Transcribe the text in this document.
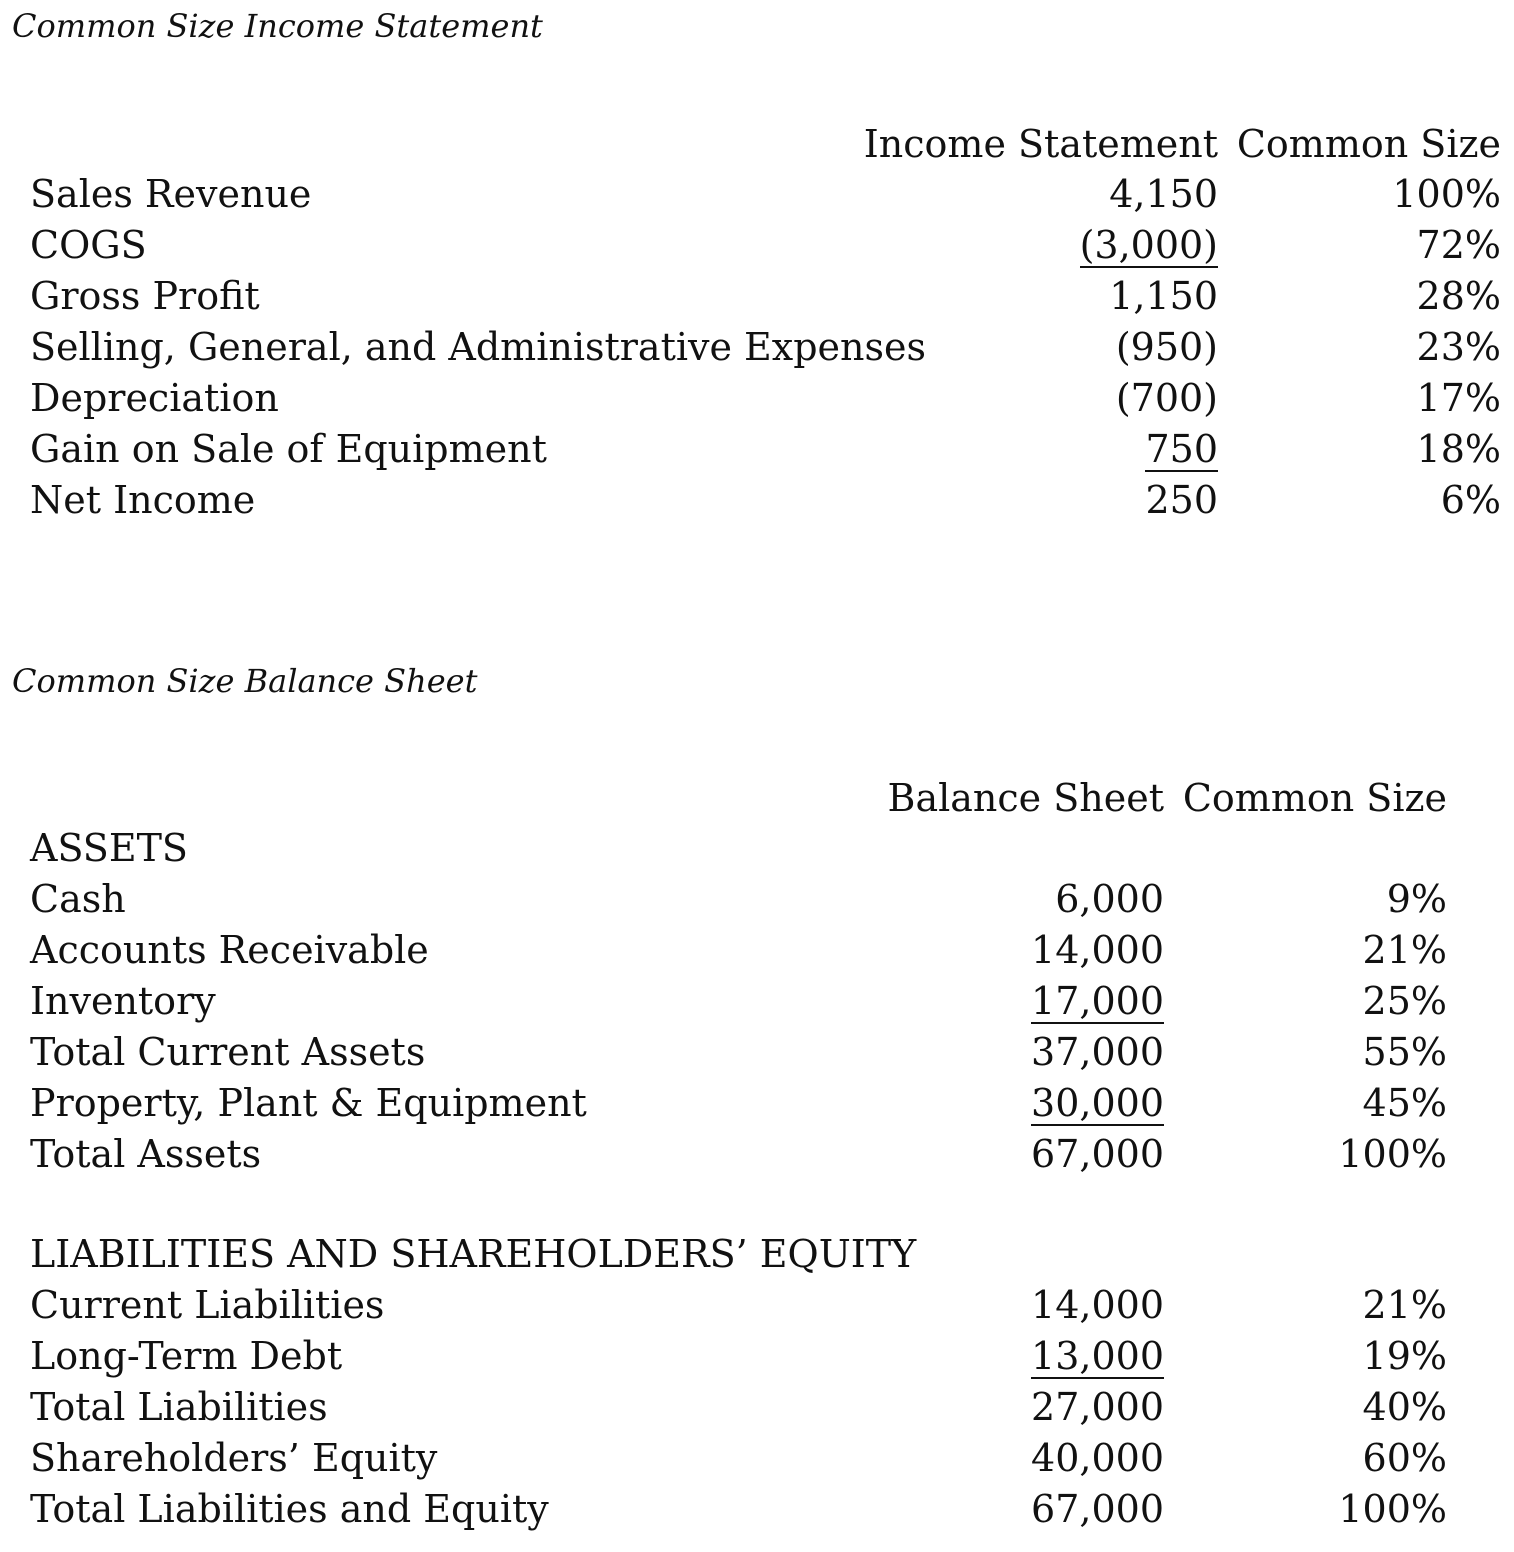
Common Size Income Statement
Income Statement Common Size
Sales Revenue	4,150	100%
COGS	(3,000)	72%
Gross Profit	1,150	28%
Selling, General, and Administrative Expenses	(950)	23%
Depreciation	(700)	17%
Gain on Sale of Equipment	750	18%
Net Income	250	6%
Common Size Balance Sheet
Balance Sheet Common Size
ASSETS
Cash	6,000	9%
Accounts Receivable	14,000	21%
Inventory	17,000	25%
Total Current Assets	37,000	55%
Property, Plant & Equipment	30,000	45%
Total Assets	67,000	100%
LIABILITIES AND SHAREHOLDERS’ EQUITY
Current Liabilities	14,000	21%
Long-Term Debt	13,000	19%
Total Liabilities	27,000	40%
Shareholders’ Equity	40,000	60%
Total Liabilities and Equity	67,000	100%
